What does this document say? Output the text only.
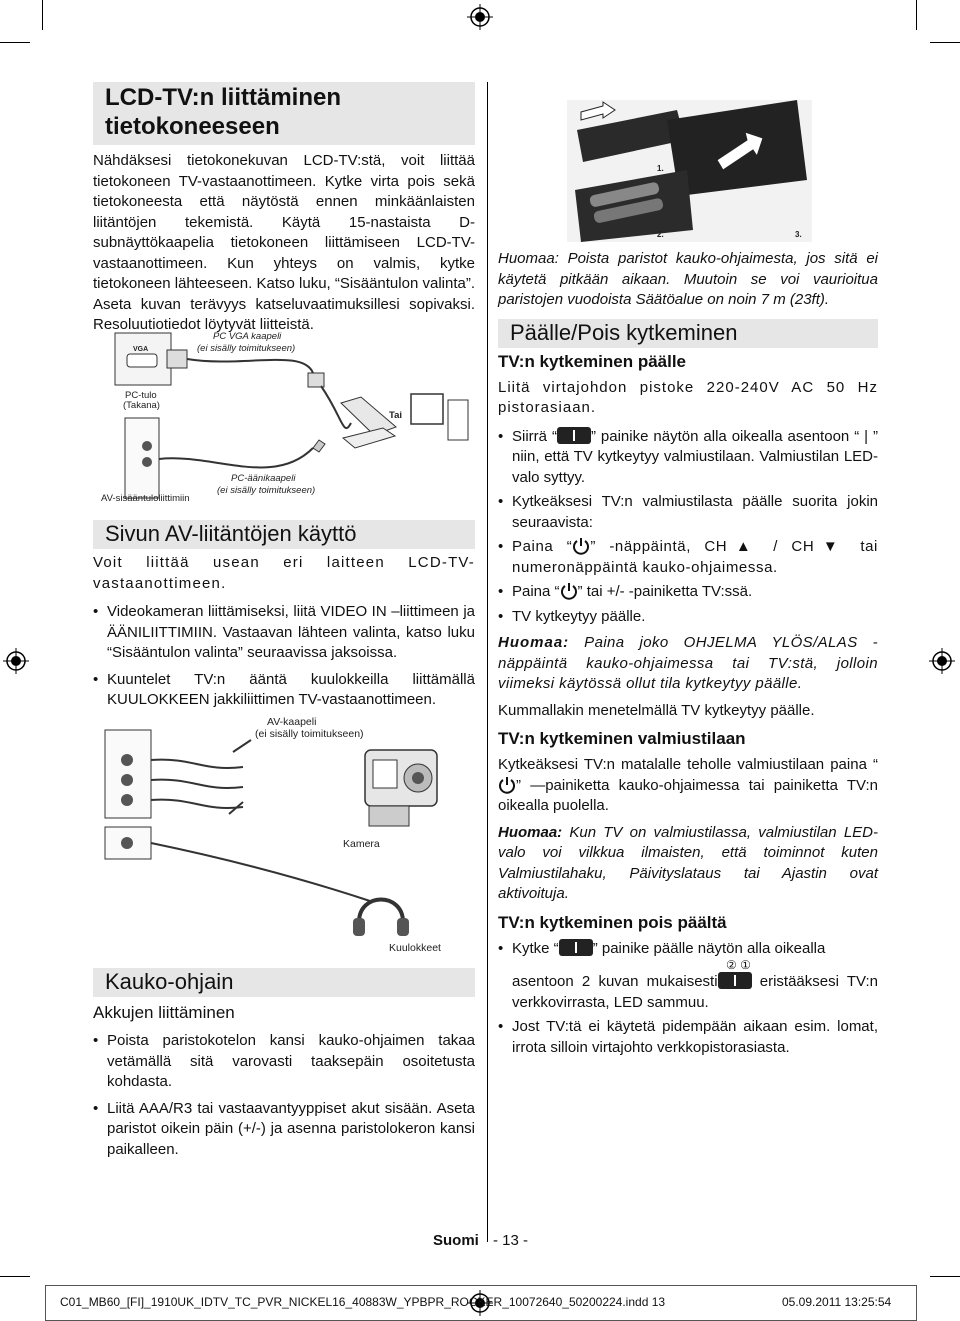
LCD-TV:n liittäminen tietokoneeseen

Nähdäksesi tietokonekuvan LCD-TV:stä, voit liittää tietokoneen TV-vastaanottimeen. Kytke virta pois sekä tietokoneesta että näytöstä ennen minkäänlaisten liitäntöjen tekemistä. Käytä 15-nastaista D-subnäyttökaapelia tietokoneen liittämiseen LCD-TV-vastaanottimeen. Kun yhteys on valmis, kytke tietokoneen lähteeseen. Katso luku, “Sisääntulon valinta”. Aseta kuvan terävyys katseluvaatimuksillesi sopivaksi. Resoluutiotiedot löytyvät liitteistä.

VGA
PC VGA kaapeli
(ei sisälly toimitukseen)
PC-tulo
(Takana)
Tai
PC-äänikaapeli
(ei sisälly toimitukseen)
AV-sisääntuloliittimiin
Sivun AV-liitäntöjen käyttö

Voit liittää usean eri laitteen LCD-TV-vastaanottimeen.

• Videokameran liittämiseksi, liitä VIDEO IN –liittimeen ja ÄÄNILIITTIMIIN. Vastaavan lähteen valinta, katso luku “Sisääntulon valinta” seuraavissa jaksoissa.
• Kuuntelet TV:n ääntä kuulokkeilla liittämällä KUULOKKEEN jakkiliittimen TV-vastaanottimeen.
AV-kaapeli
(ei sisälly toimitukseen)
Kamera
Kuulokkeet
Kauko-ohjain
Akkujen liittäminen
• Poista paristokotelon kansi kauko-ohjaimen takaa vetämällä sitä varovasti taaksepäin osoitetusta kohdasta.
• Liitä AAA/R3 tai vastaavantyyppiset akut sisään. Aseta paristot oikein päin (+/-) ja asenna paristolokeron kansi paikalleen.
1.
2.	3.

Huomaa: Poista paristot kauko-ohjaimesta, jos sitä ei käytetä pitkään aikaan. Muutoin se voi vaurioitua paristojen vuodoista Säätöalue on noin 7 m (23ft).

Päälle/Pois kytkeminen
TV:n kytkeminen päälle

Liitä virtajohdon pistoke 220-240V AC 50 Hz pistorasiaan.

• Siirrä “ ” painike näytön alla oikealla asentoon “ | ” niin, että TV kytkeytyy valmiustilaan. Valmiustilan LED-valo syttyy.
• Kytkeäksesi TV:n valmiustilasta päälle suorita jokin seuraavista:
• Paina “ ” -näppäintä, CH▲ / CH▼ tai numeronäppäintä kauko-ohjaimessa.
• Paina “ ” tai +/- -painiketta TV:ssä.
• TV kytkeytyy päälle.

Huomaa: Paina joko OHJELMA YLÖS/ALAS -näppäintä kauko-ohjaimessa tai TV:stä, jolloin viimeksi käytössä ollut tila kytkeytyy päälle.

Kummallakin menetelmällä TV kytkeytyy päälle.

TV:n kytkeminen valmiustilaan

Kytkeäksesi TV:n matalalle teholle valmiustilaan paina “” —painiketta kauko-ohjaimessa tai painiketta TV:n oikealla puolella.

Huomaa: Kun TV on valmiustilassa, valmiustilan LED-valo voi vilkkua ilmaisten, että toiminnot kuten Valmiustilahaku, Päivityslataus tai Ajastin ovat aktivoituja.

TV:n kytkeminen pois päältä
• Kytke “ ” painike päälle näytön alla oikealla

② ①
asentoon 2 kuvan mukaisesti eristääksesi TV:n verkkovirrasta, LED sammuu.
• Jost TV:tä ei käytetä pidempään aikaan esim. lomat, irrota silloin virtajohto verkkopistorasiasta.
Suomi - 13 -
C01_MB60_[FI]_1910UK_IDTV_TC_PVR_NICKEL16_40883W_YPBPR_ROCKER_10072640_50200224.indd 13	05.09.2011 13:25:54
